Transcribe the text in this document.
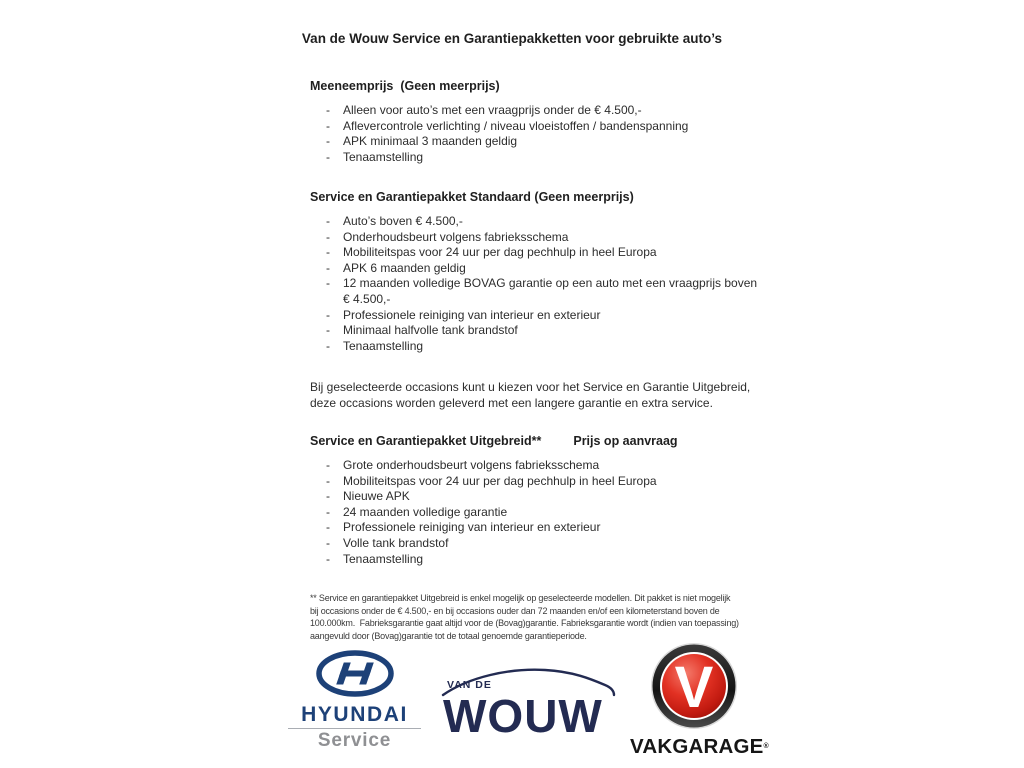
Van de Wouw Service en Garantiepakketten voor gebruikte auto’s
Meeneemprijs  (Geen meerprijs)
-	Alleen voor auto’s met een vraagprijs onder de € 4.500,-
-	Aflevercontrole verlichting / niveau vloeistoffen / bandenspanning
-	APK minimaal 3 maanden geldig
-	Tenaamstelling
Service en Garantiepakket Standaard (Geen meerprijs)
-	Auto’s boven € 4.500,-
-	Onderhoudsbeurt volgens fabrieksschema
-	Mobiliteitspas voor 24 uur per dag pechhulp in heel Europa
-	APK 6 maanden geldig
-	12 maanden volledige BOVAG garantie op een auto met een vraagprijs boven
€ 4.500,-
-	Professionele reiniging van interieur en exterieur
-	Minimaal halfvolle tank brandstof
-	Tenaamstelling
Bij geselecteerde occasions kunt u kiezen voor het Service en Garantie Uitgebreid,
deze occasions worden geleverd met een langere garantie en extra service.
Service en Garantiepakket Uitgebreid**	Prijs op aanvraag
-	Grote onderhoudsbeurt volgens fabrieksschema
-	Mobiliteitspas voor 24 uur per dag pechhulp in heel Europa
-	Nieuwe APK
-	24 maanden volledige garantie
-	Professionele reiniging van interieur en exterieur
-	Volle tank brandstof
-	Tenaamstelling
** Service en garantiepakket Uitgebreid is enkel mogelijk op geselecteerde modellen. Dit pakket is niet mogelijk
bij occasions onder de € 4.500,- en bij occasions ouder dan 72 maanden en/of een kilometerstand boven de
100.000km.  Fabrieksgarantie gaat altijd voor de (Bovag)garantie. Fabrieksgarantie wordt (indien van toepassing)
aangevuld door (Bovag)garantie tot de totaal genoemde garantieperiode.
HYUNDAI
Service
VAN DE
WOUW V
VAKGARAGE®
